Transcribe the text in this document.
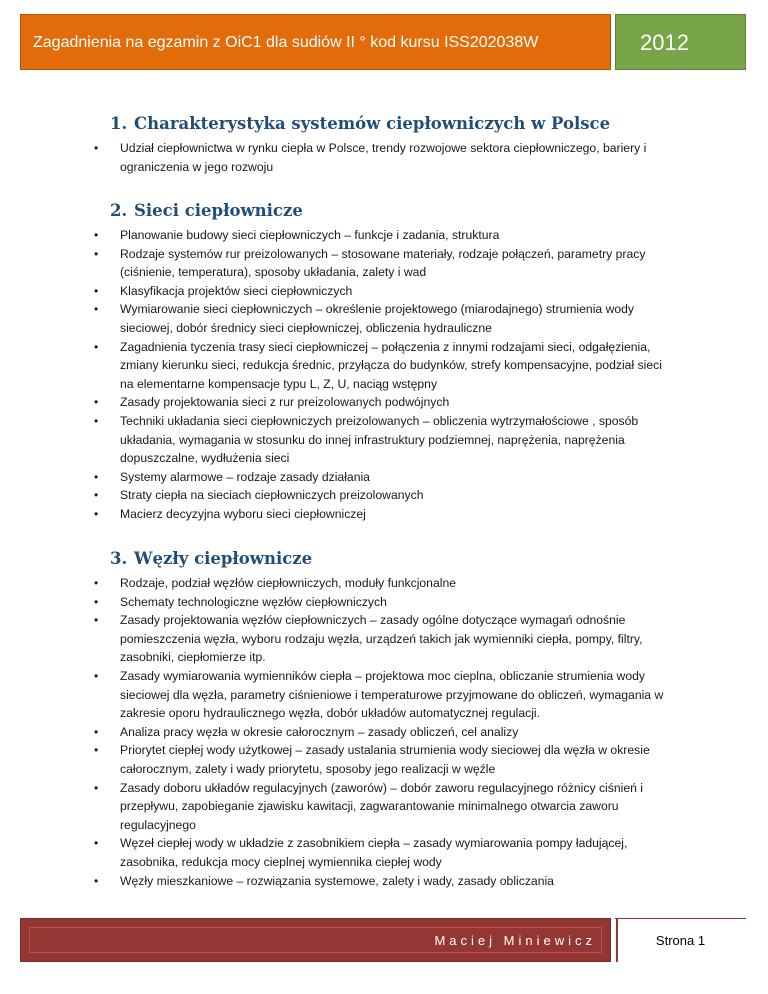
Zagadnienia na egzamin z OiC1 dla sudiów II ° kod kursu ISS202038W	2012
1. Charakterystyka systemów ciepłowniczych w Polsce
• Udział ciepłownictwa w rynku ciepła w Polsce, trendy rozwojowe sektora ciepłowniczego, bariery i ograniczenia w jego rozwoju
2. Sieci ciepłownicze
• Planowanie budowy sieci ciepłowniczych – funkcje i zadania, struktura
• Rodzaje systemów rur preizolowanych – stosowane materiały, rodzaje połączeń, parametry pracy (ciśnienie, temperatura), sposoby układania, zalety i wad
• Klasyfikacja projektów sieci ciepłowniczych
• Wymiarowanie sieci ciepłowniczych – określenie projektowego (miarodajnego) strumienia wody sieciowej, dobór średnicy sieci ciepłowniczej, obliczenia hydrauliczne
• Zagadnienia tyczenia trasy sieci ciepłowniczej – połączenia z innymi rodzajami sieci, odgałęzienia, zmiany kierunku sieci, redukcja średnic, przyłącza do budynków, strefy kompensacyjne, podział sieci na elementarne kompensacje typu L, Z, U, naciąg wstępny
• Zasady projektowania sieci z rur preizolowanych podwójnych
• Techniki układania sieci ciepłowniczych preizolowanych – obliczenia wytrzymałościowe , sposób układania, wymagania w stosunku do innej infrastruktury podziemnej, naprężenia, naprężenia dopuszczalne, wydłużenia sieci
• Systemy alarmowe – rodzaje zasady działania
• Straty ciepła na sieciach ciepłowniczych preizolowanych
• Macierz decyzyjna wyboru sieci ciepłowniczej
3. Węzły ciepłownicze
• Rodzaje, podział węzłów ciepłowniczych, moduły funkcjonalne
• Schematy technologiczne węzłów ciepłowniczych
• Zasady projektowania węzłów ciepłowniczych – zasady ogólne dotyczące wymagań odnośnie pomieszczenia węzła, wyboru rodzaju węzła, urządzeń takich jak wymienniki ciepła, pompy, filtry, zasobniki, ciepłomierze itp.
• Zasady wymiarowania wymienników ciepła – projektowa moc cieplna, obliczanie strumienia wody sieciowej dla węzła, parametry ciśnieniowe i temperaturowe przyjmowane do obliczeń, wymagania w zakresie oporu hydraulicznego węzła, dobór układów automatycznej regulacji.
• Analiza pracy węzła w okresie całorocznym – zasady obliczeń, cel analizy
• Priorytet ciepłej wody użytkowej – zasady ustalania strumienia wody sieciowej dla węzła w okresie całorocznym, zalety i wady priorytetu, sposoby jego realizacji w węźle
• Zasady doboru układów regulacyjnych (zaworów) – dobór zaworu regulacyjnego różnicy ciśnień i przepływu, zapobieganie zjawisku kawitacji, zagwarantowanie minimalnego otwarcia zaworu regulacyjnego
• Węzeł ciepłej wody w układzie z zasobnikiem ciepła – zasady wymiarowania pompy ładującej, zasobnika, redukcja mocy cieplnej wymiennika ciepłej wody
• Węzły mieszkaniowe – rozwiązania systemowe, zalety i wady, zasady obliczania
Maciej Miniewicz	Strona 1
